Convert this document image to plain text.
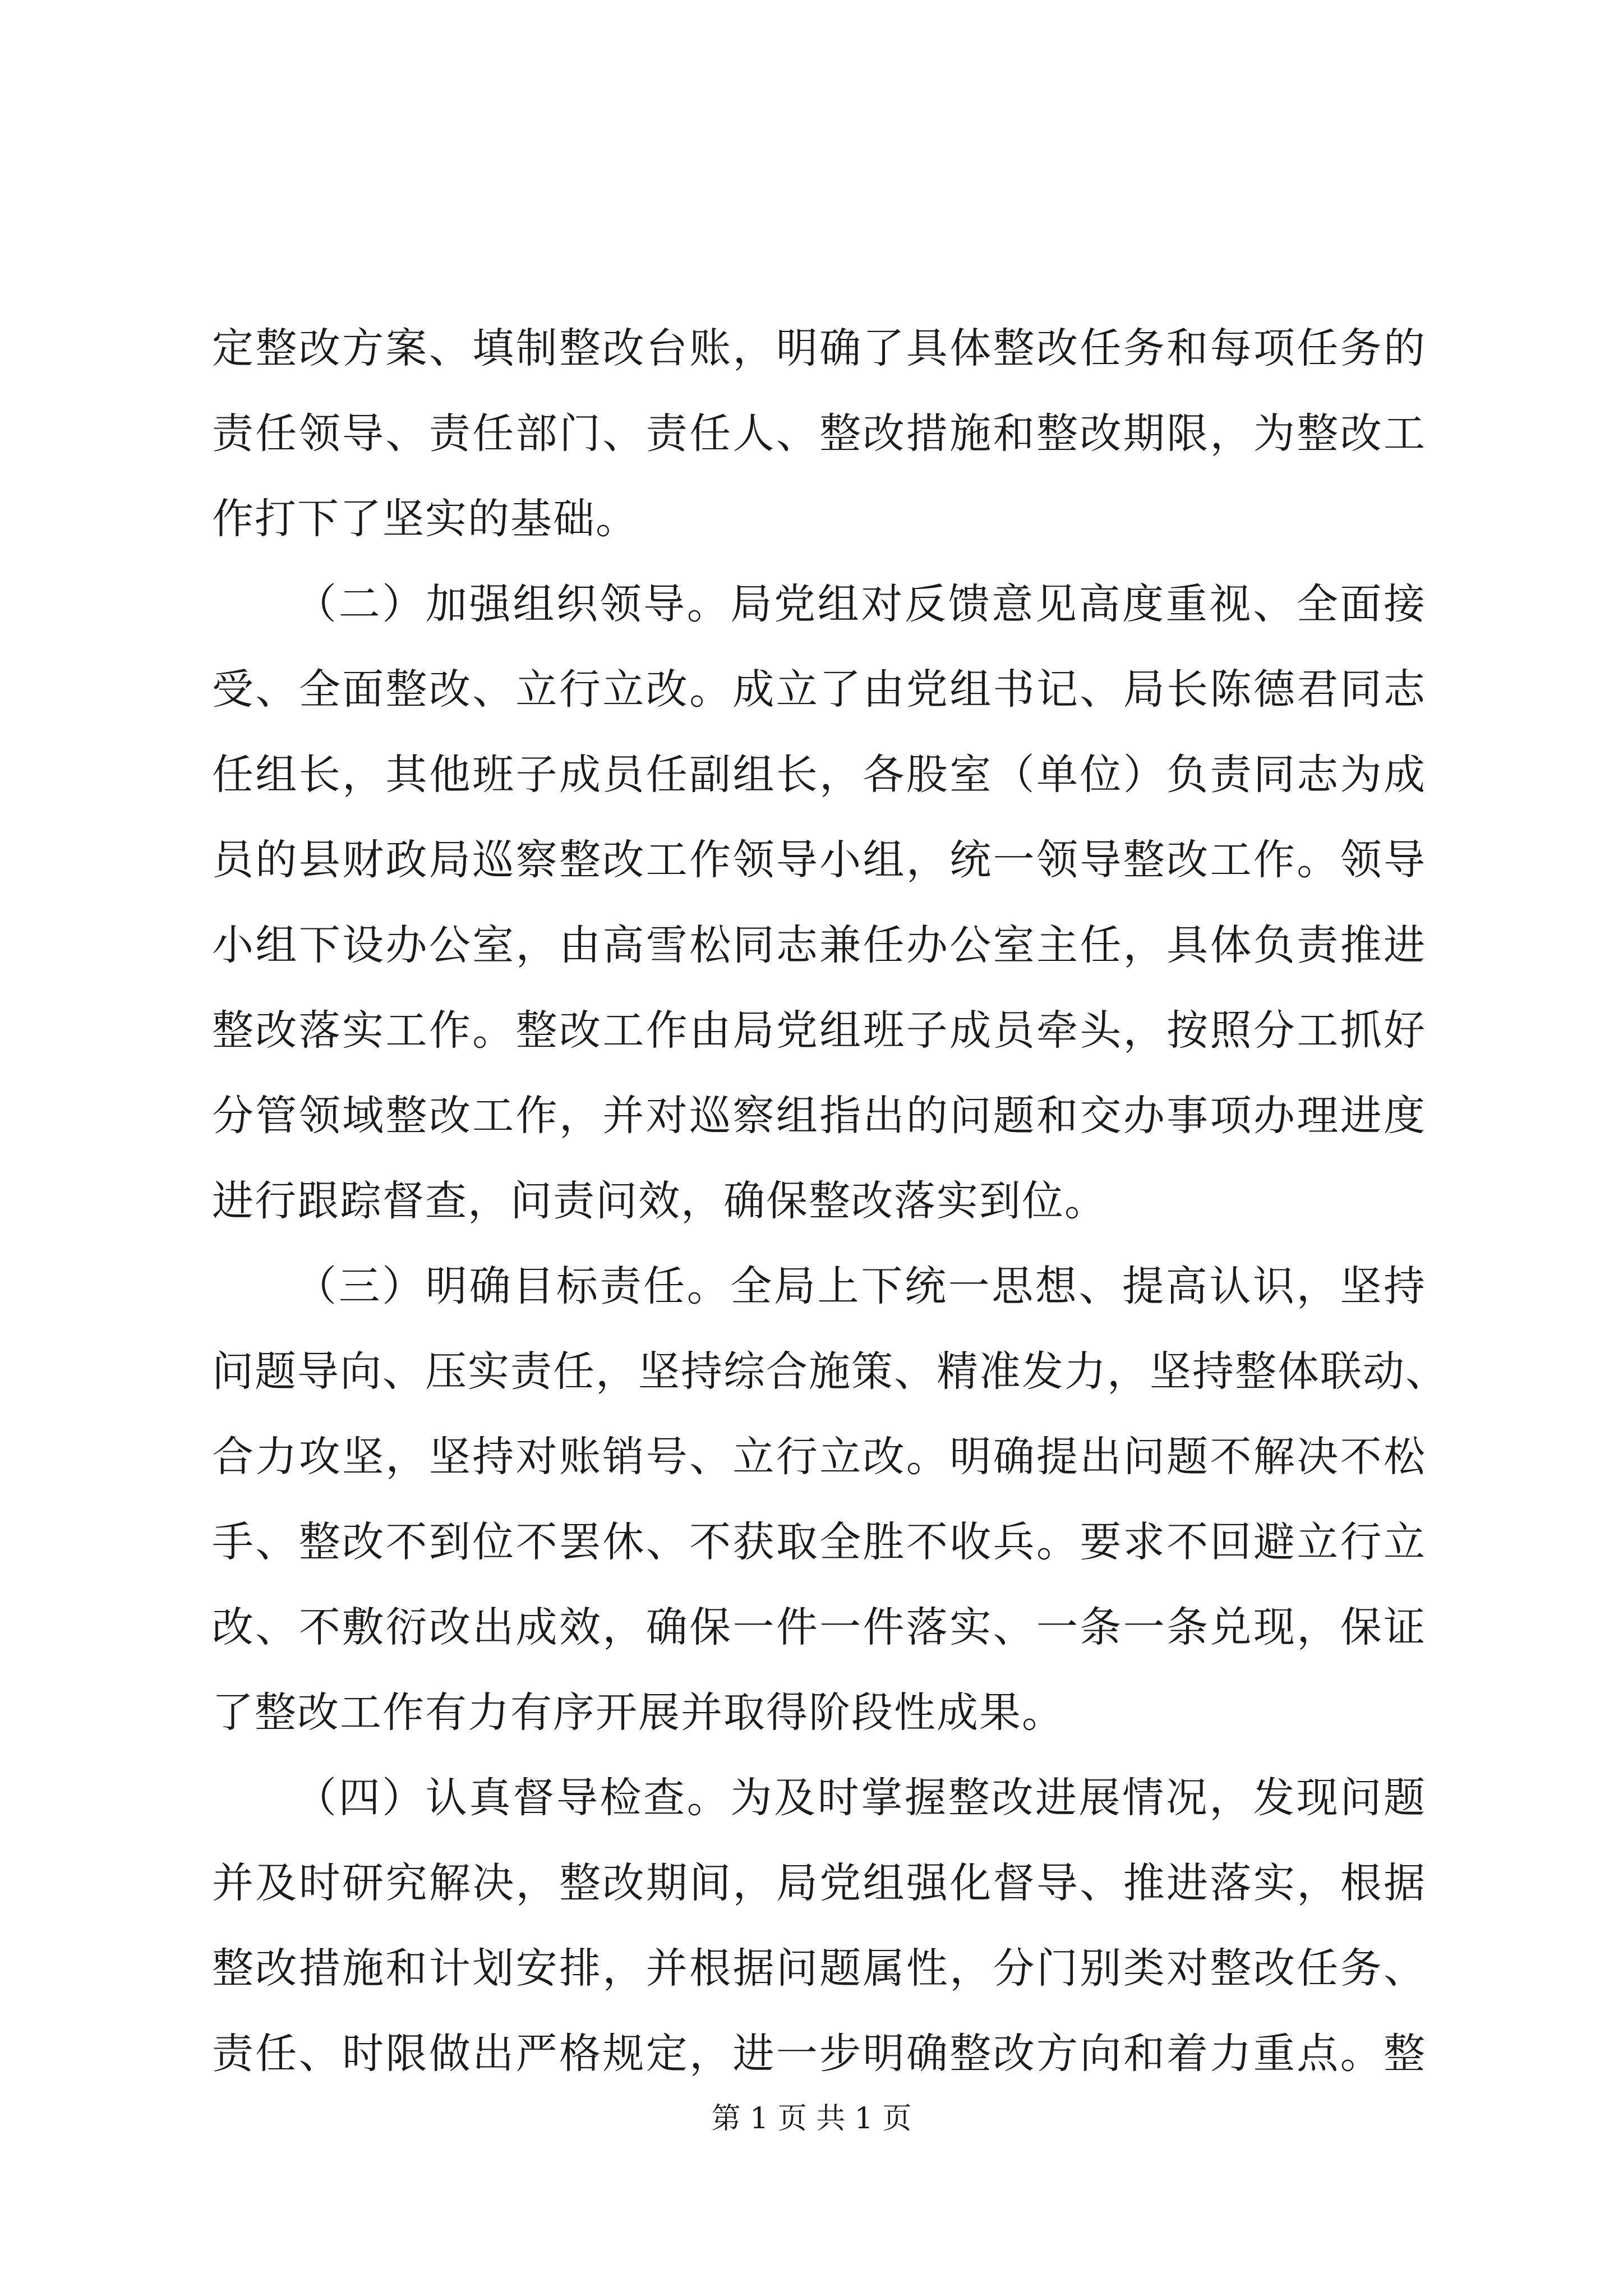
定整改方案、填制整改台账，明确了具体整改任务和每项任务的
责任领导、责任部门、责任人、整改措施和整改期限，为整改工
作打下了坚实的基础。
（二）加强组织领导。局党组对反馈意见高度重视、全面接
受、全面整改、立行立改。成立了由党组书记、局长陈德君同志
任组长，其他班子成员任副组长，各股室（单位）负责同志为成
员的县财政局巡察整改工作领导小组，统一领导整改工作。领导
小组下设办公室，由高雪松同志兼任办公室主任，具体负责推进
整改落实工作。整改工作由局党组班子成员牵头，按照分工抓好
分管领域整改工作，并对巡察组指出的问题和交办事项办理进度
进行跟踪督查，问责问效，确保整改落实到位。
（三）明确目标责任。全局上下统一思想、提高认识，坚持
问题导向、压实责任，坚持综合施策、精准发力，坚持整体联动、
合力攻坚，坚持对账销号、立行立改。明确提出问题不解决不松
手、整改不到位不罢休、不获取全胜不收兵。要求不回避立行立
改、不敷衍改出成效，确保一件一件落实、一条一条兑现，保证
了整改工作有力有序开展并取得阶段性成果。
（四）认真督导检查。为及时掌握整改进展情况，发现问题
并及时研究解决，整改期间，局党组强化督导、推进落实，根据
整改措施和计划安排，并根据问题属性，分门别类对整改任务、
责任、时限做出严格规定，进一步明确整改方向和着力重点。整
第 1 页 共 1 页
